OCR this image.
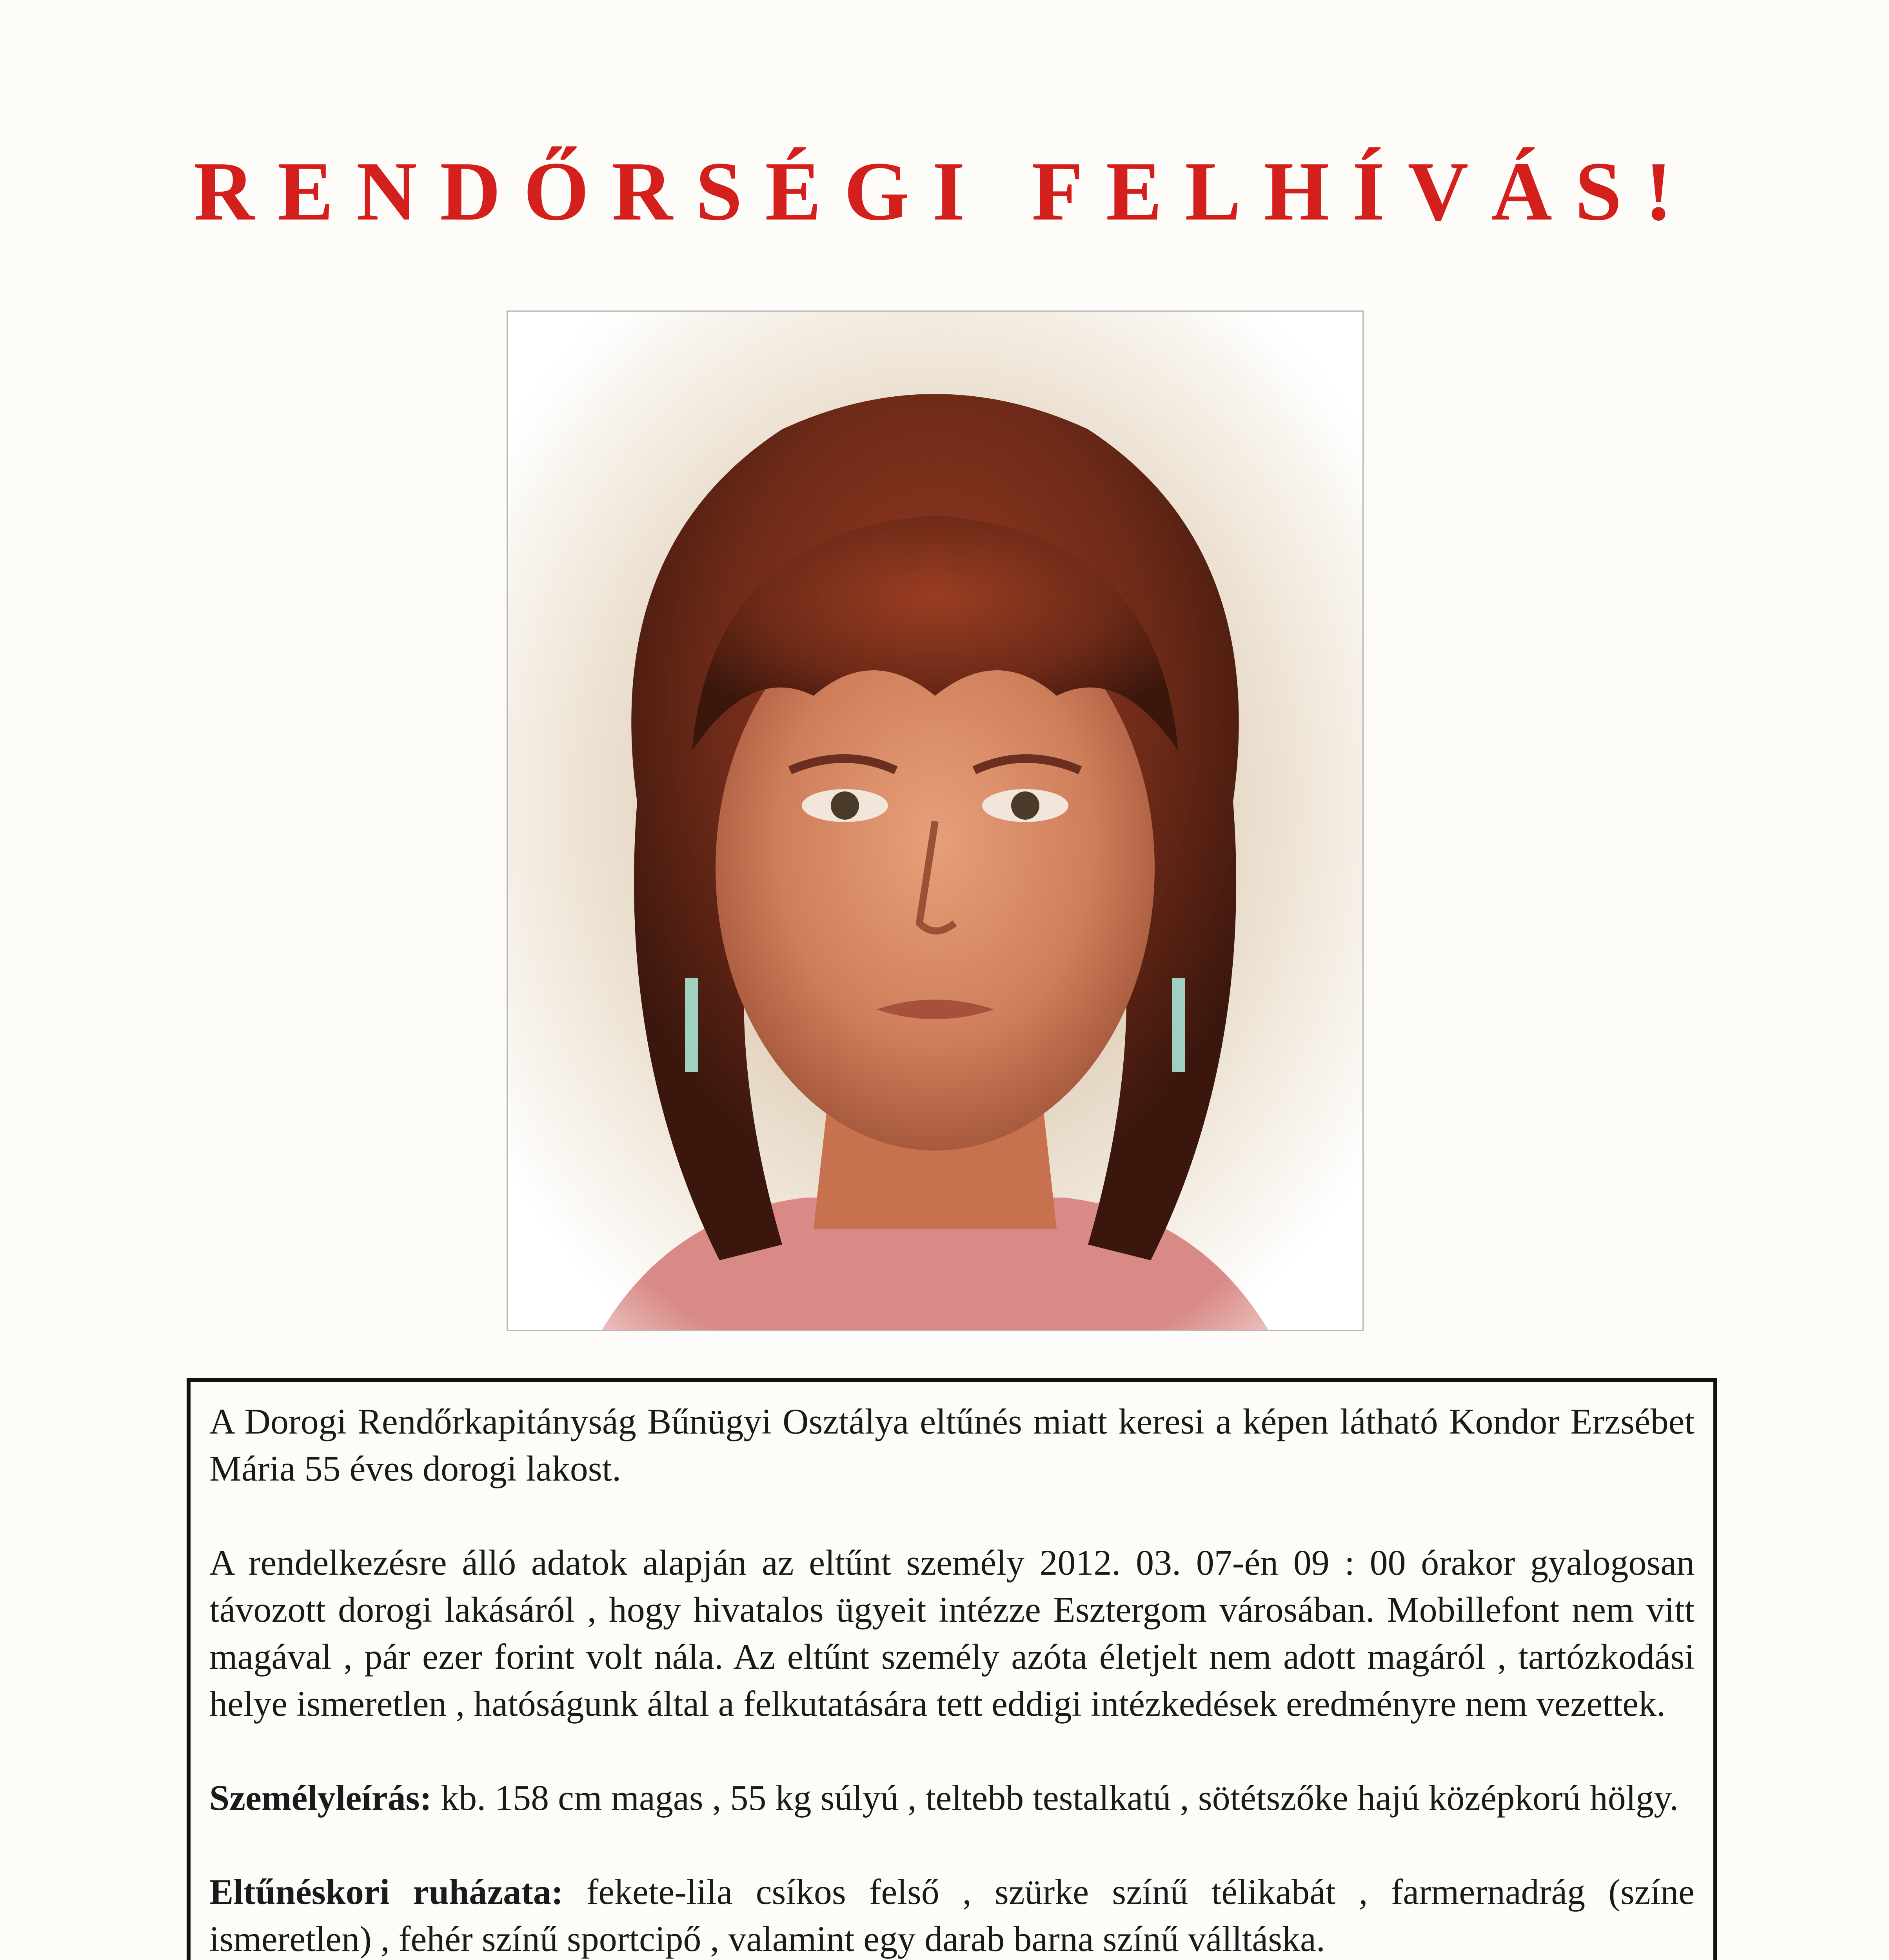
RENDŐRSÉGI FELHÍVÁS!

A Dorogi Rendőrkapitányság Bűnügyi Osztálya eltűnés miatt keresi a képen látható Kondor Erzsébet Mária 55 éves dorogi lakost.

A rendelkezésre álló adatok alapján az eltűnt személy 2012. 03. 07-én 09 : 00 órakor gyalogosan távozott dorogi lakásáról , hogy hivatalos ügyeit intézze Esztergom városában. Mobillefont nem vitt magával , pár ezer forint volt nála. Az eltűnt személy azóta életjelt nem adott magáról , tartózkodási helye ismeretlen , hatóságunk által a felkutatására tett eddigi intézkedések eredményre nem vezettek.

Személyleírás: kb. 158 cm magas , 55 kg súlyú , teltebb testalkatú , sötétszőke hajú középkorú hölgy.

Eltűnéskori ruházata: fekete-lila csíkos felső , szürke színű télikabát , farmernadrág (színe ismeretlen) , fehér színű sportcipő , valamint egy darab barna színű válltáska.
